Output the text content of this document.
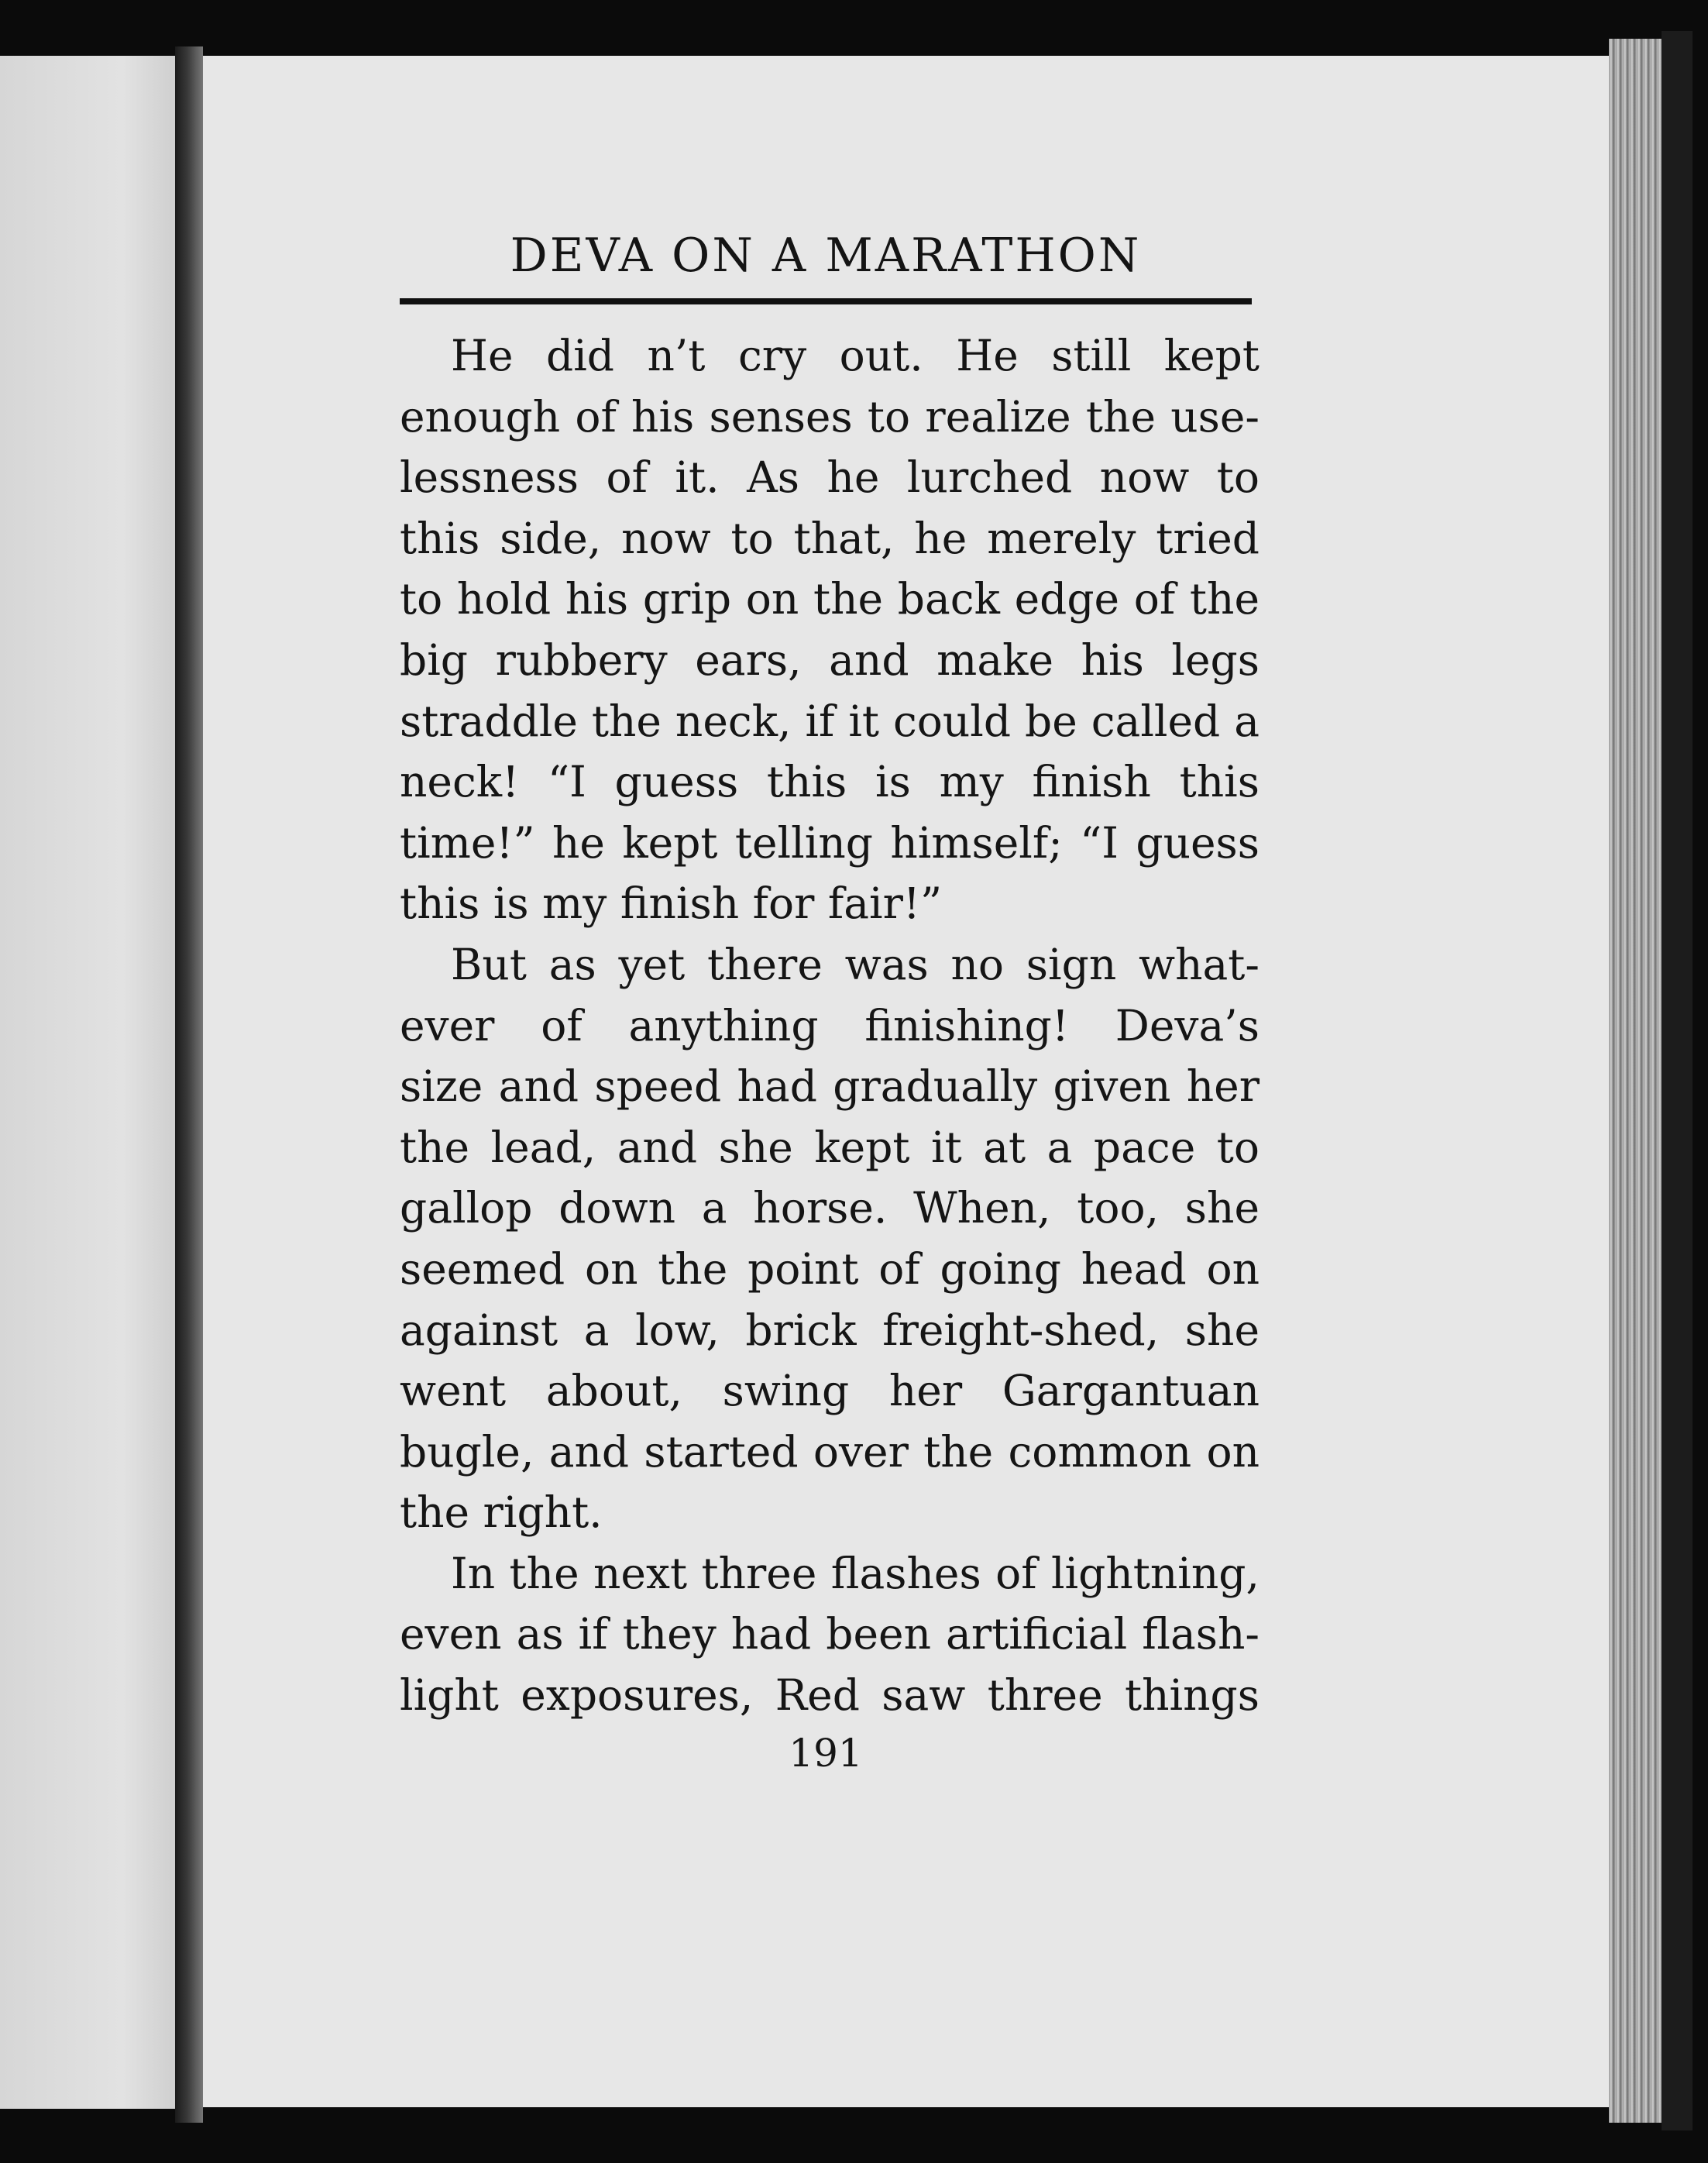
DEVA ON A MARATHON
He did n’t cry out. He still kept
enough of his senses to realize the use-
lessness of it. As he lurched now to
this side, now to that, he merely tried
to hold his grip on the back edge of the
big rubbery ears, and make his legs
straddle the neck, if it could be called a
neck! “I guess this is my finish this
time!” he kept telling himself; “I guess
this is my finish for fair!”
But as yet there was no sign what-
ever of anything finishing! Deva’s
size and speed had gradually given her
the lead, and she kept it at a pace to
gallop down a horse. When, too, she
seemed on the point of going head on
against a low, brick freight-shed, she
went about, swing her Gargantuan
bugle, and started over the common on
the right.
In the next three flashes of lightning,
even as if they had been artificial flash-
light exposures, Red saw three things
191
